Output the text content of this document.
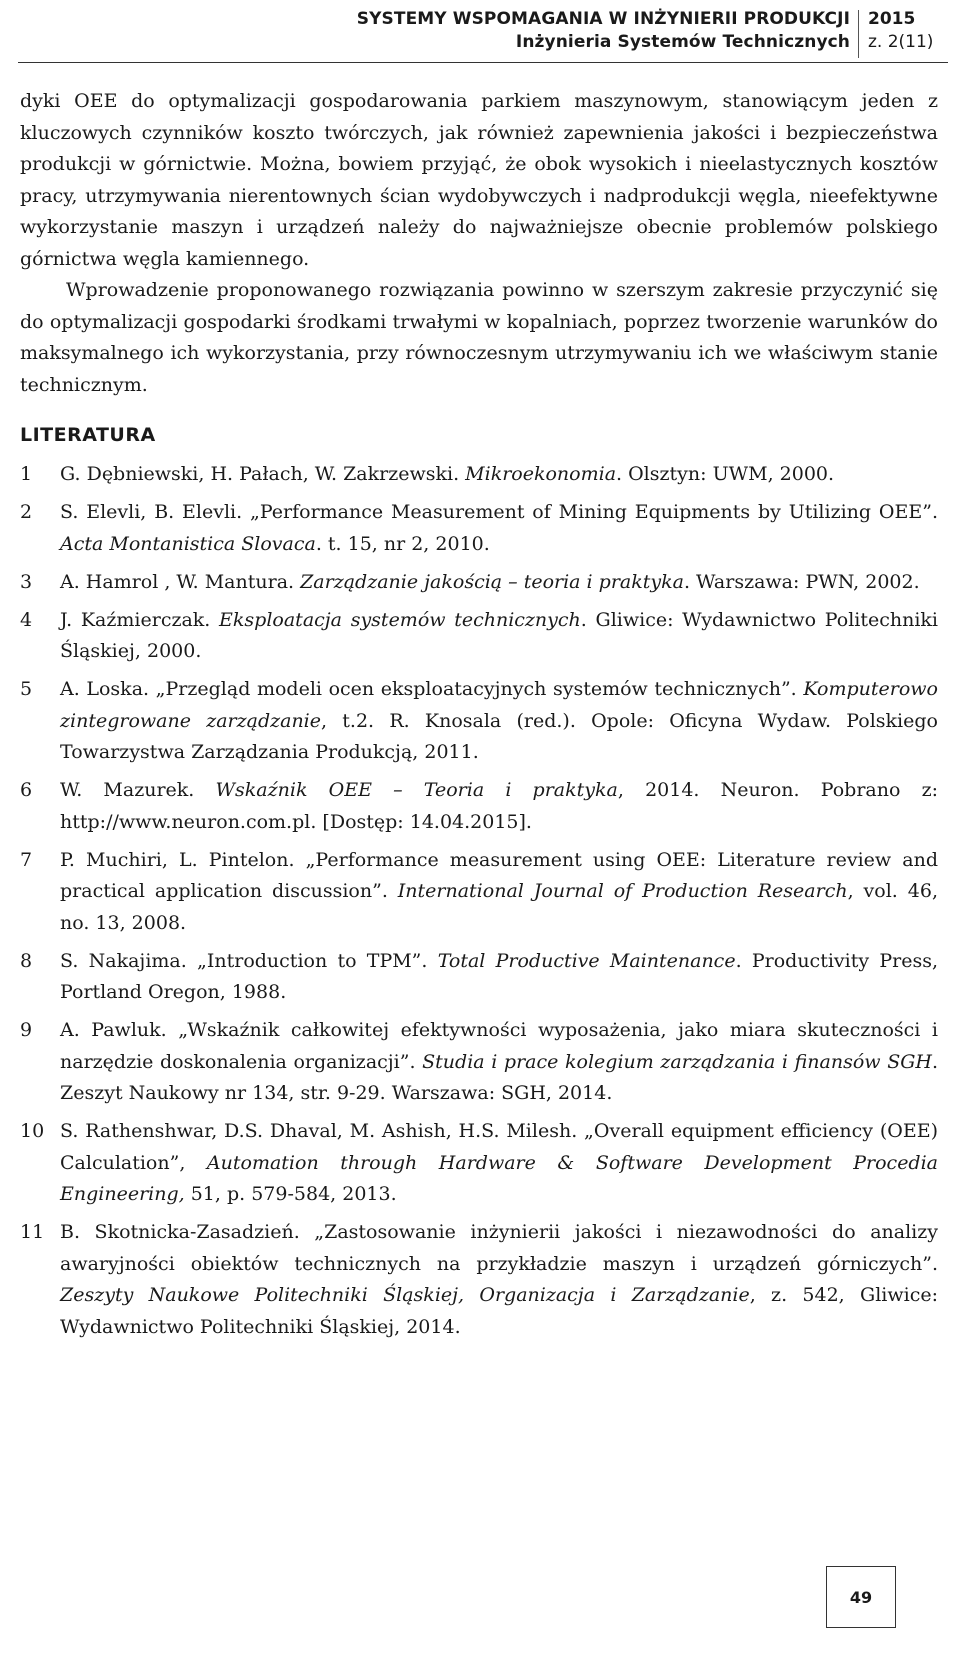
SYSTEMY WSPOMAGANIA W INŻYNIERII PRODUKCJI
Inżynieria Systemów Technicznych
2015
z. 2(11)

dyki OEE do optymalizacji gospodarowania parkiem maszynowym, stanowiącym jeden z kluczowych czynników koszto twórczych, jak również zapewnienia jakości i bezpieczeństwa produkcji w górnictwie. Można, bowiem przyjąć, że obok wysokich i nieelastycznych kosztów pracy, utrzymywania nierentownych ścian wydobywczych i nadprodukcji węgla, nieefektywne wykorzystanie maszyn i urządzeń należy do najważniejsze obecnie problemów polskiego górnictwa węgla kamiennego.

Wprowadzenie proponowanego rozwiązania powinno w szerszym zakresie przyczynić się do optymalizacji gospodarki środkami trwałymi w kopalniach, poprzez tworzenie warunków do maksymalnego ich wykorzystania, przy równoczesnym utrzymywaniu ich we właściwym stanie technicznym.

LITERATURA
1	G. Dębniewski, H. Pałach, W. Zakrzewski. Mikroekonomia. Olsztyn: UWM, 2000.
2	S. Elevli, B. Elevli. „Performance Measurement of Mining Equipments by Utilizing OEE”. Acta Montanistica Slovaca. t. 15, nr 2, 2010.
3	A. Hamrol , W. Mantura. Zarządzanie jakością – teoria i praktyka. Warszawa: PWN, 2002.
4	J. Kaźmierczak. Eksploatacja systemów technicznych. Gliwice: Wydawnictwo Politechniki Śląskiej, 2000.
5	A. Loska. „Przegląd modeli ocen eksploatacyjnych systemów technicznych”. Komputerowo zintegrowane zarządzanie, t.2. R. Knosala (red.). Opole: Oficyna Wydaw. Polskiego Towarzystwa Zarządzania Produkcją, 2011.
6	W. Mazurek. Wskaźnik OEE – Teoria i praktyka, 2014. Neuron. Pobrano z: http://www.neuron.com.pl. [Dostęp: 14.04.2015].
7	P. Muchiri, L. Pintelon. „Performance measurement using OEE: Literature review and practical application discussion”. International Journal of Production Research, vol. 46, no. 13, 2008.
8	S. Nakajima. „Introduction to TPM”. Total Productive Maintenance. Productivity Press, Portland Oregon, 1988.
9	A. Pawluk. „Wskaźnik całkowitej efektywności wyposażenia, jako miara skuteczności i narzędzie doskonalenia organizacji”. Studia i prace kolegium zarządzania i finansów SGH. Zeszyt Naukowy nr 134, str. 9-29. Warszawa: SGH, 2014.
10 S. Rathenshwar, D.S. Dhaval, M. Ashish, H.S. Milesh. „Overall equipment efficiency (OEE) Calculation”, Automation through Hardware & Software Development Procedia Engineering, 51, p. 579-584, 2013.
11 B. Skotnicka-Zasadzień. „Zastosowanie inżynierii jakości i niezawodności do analizy awaryjności obiektów technicznych na przykładzie maszyn i urządzeń górniczych”. Zeszyty Naukowe Politechniki Śląskiej, Organizacja i Zarządzanie, z. 542, Gliwice: Wydawnictwo Politechniki Śląskiej, 2014.
49
